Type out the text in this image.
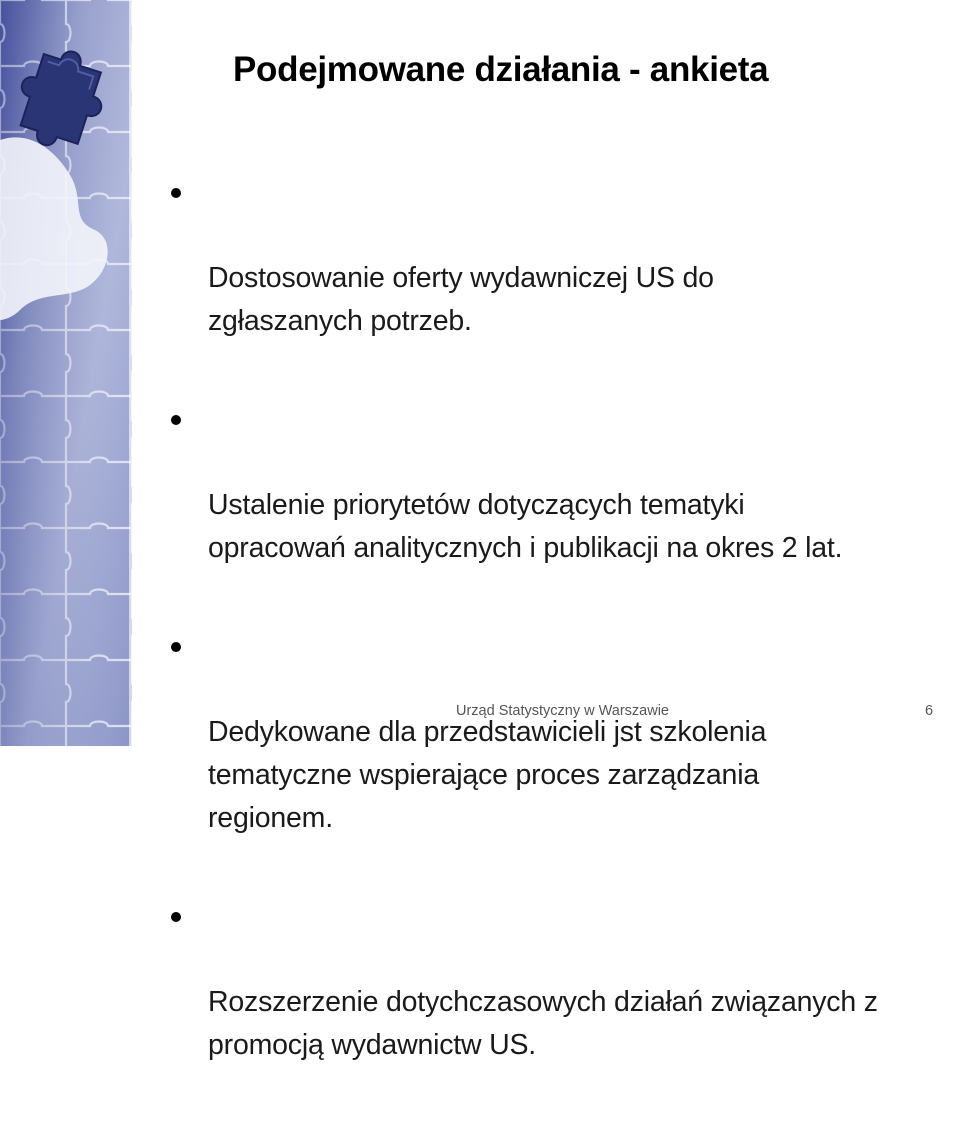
Podejmowane działania - ankieta

Dostosowanie oferty wydawniczej US do
zgłaszanych potrzeb.

Ustalenie priorytetów dotyczących tematyki
opracowań analitycznych i publikacji na okres 2 lat.

Dedykowane dla przedstawicieli jst szkolenia
tematyczne wspierające proces zarządzania
regionem.

Rozszerzenie dotychczasowych działań związanych z
promocją wydawnictw US.

Urząd Statystyczny w Warszawie	6
